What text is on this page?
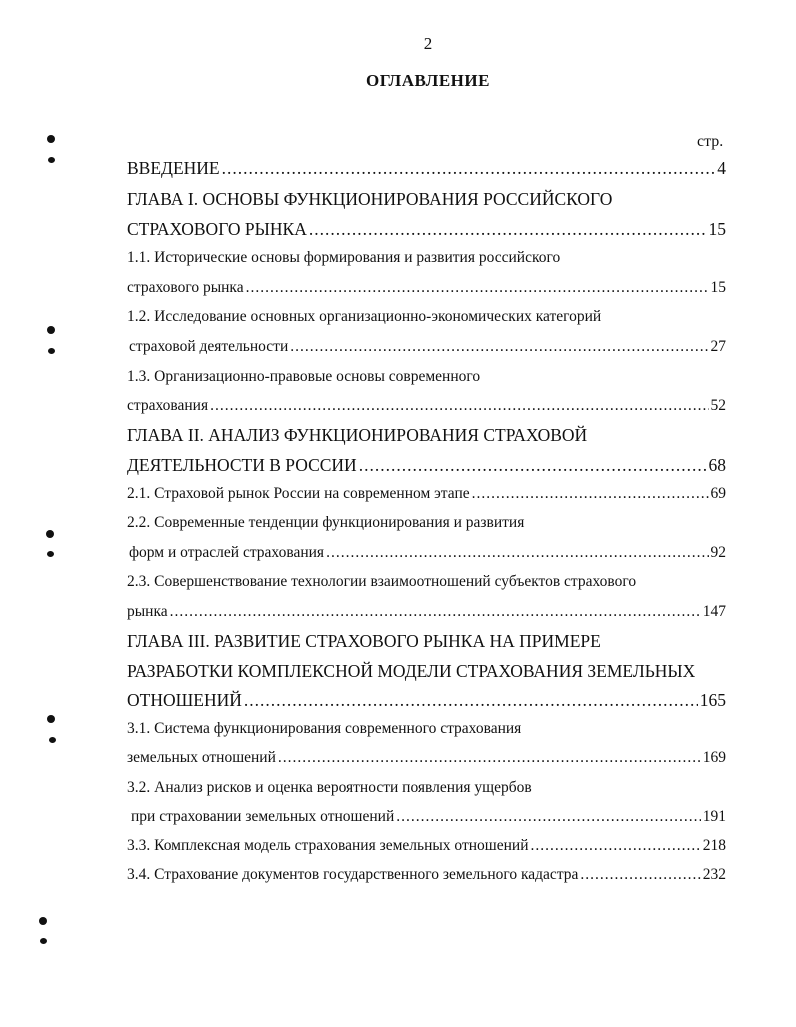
2
ОГЛАВЛЕНИЕ
стр.
ВВЕДЕНИЕ .....	4
ГЛАВА I. ОСНОВЫ ФУНКЦИОНИРОВАНИЯ РОССИЙСКОГО
СТРАХОВОГО РЫНКА .....	15
1.1. Исторические основы формирования и развития российского
страхового рынка .....	15
1.2. Исследование основных организационно-экономических категорий
страховой деятельности .....	27
1.3. Организационно-правовые основы современного
страхования .....	52
ГЛАВА II. АНАЛИЗ ФУНКЦИОНИРОВАНИЯ СТРАХОВОЙ
ДЕЯТЕЛЬНОСТИ В РОССИИ .....	68
2.1. Страховой рынок России на современном этапе .....	69
2.2. Современные тенденции функционирования и развития
форм и отраслей страхования .....	92
2.3. Совершенствование технологии взаимоотношений субъектов страхового
рынка .....	147
ГЛАВА III. РАЗВИТИЕ СТРАХОВОГО РЫНКА НА ПРИМЕРЕ
РАЗРАБОТКИ КОМПЛЕКСНОЙ МОДЕЛИ СТРАХОВАНИЯ ЗЕМЕЛЬНЫХ
ОТНОШЕНИЙ .....	165
3.1. Система функционирования современного страхования
земельных отношений .....	169
3.2. Анализ рисков и оценка вероятности появления ущербов
при страховании земельных отношений .....	191
3.3. Комплексная модель страхования земельных отношений .....	218
3.4. Страхование документов государственного земельного кадастра .....	232
